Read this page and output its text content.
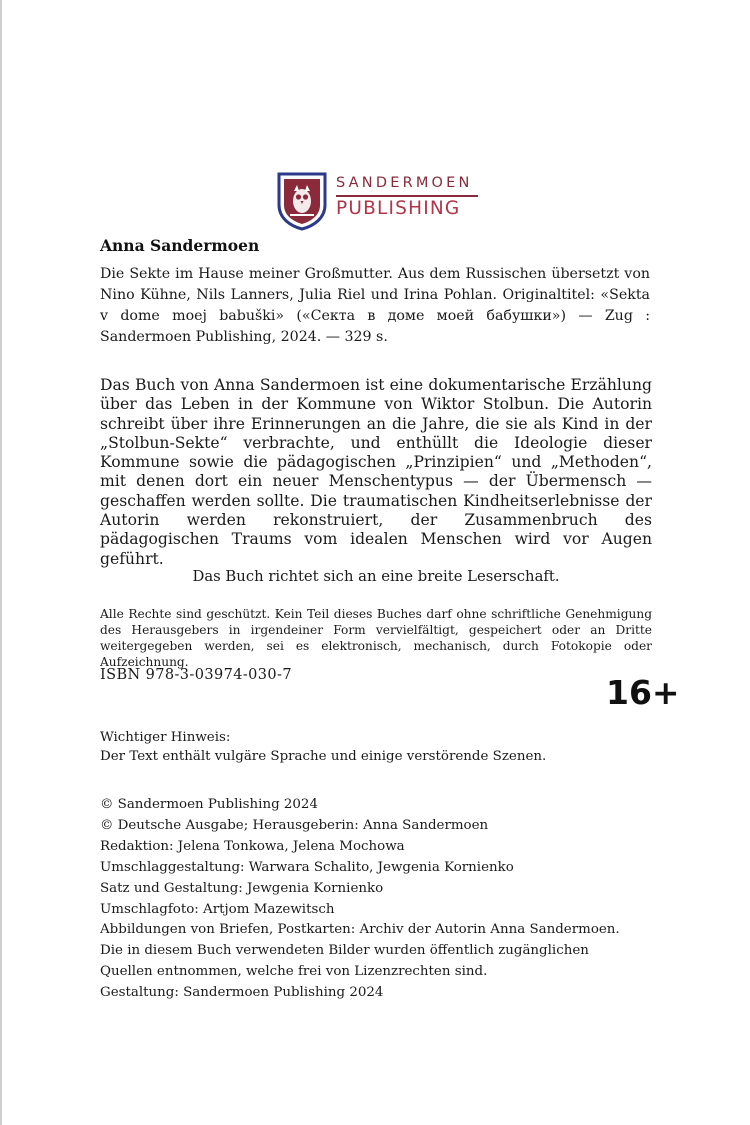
SANDERMOEN
PUBLISHING
Anna Sandermoen
Die Sekte im Hause meiner Großmutter. Aus dem Russischen übersetzt von Nino Kühne, Nils Lanners, Julia Riel und Irina Pohlan. Originaltitel: «Sekta v dome moej babuški» («Секта в доме моей бабушки») — Zug : Sandermoen Publishing, 2024. — 329 s.
Das Buch von Anna Sandermoen ist eine dokumentarische Erzählung über das Leben in der Kommune von Wiktor Stolbun. Die Autorin schreibt über ihre Erinnerungen an die Jahre, die sie als Kind in der „Stolbun-Sekte“ verbrachte, und enthüllt die Ideologie dieser Kommune sowie die pädagogischen „Prinzipien“ und „Methoden“, mit denen dort ein neuer Menschentypus — der Übermensch — geschaffen werden sollte. Die traumatischen Kindheitserlebnisse der Autorin werden rekonstruiert, der Zusammenbruch des pädagogischen Traums vom idealen Menschen wird vor Augen geführt.
Das Buch richtet sich an eine breite Leserschaft.
Alle Rechte sind geschützt. Kein Teil dieses Buches darf ohne schriftliche Genehmigung des Herausgebers in irgendeiner Form vervielfältigt, gespeichert oder an Dritte weitergegeben werden, sei es elektronisch, mechanisch, durch Fotokopie oder Aufzeichnung.
ISBN 978-3-03974-030-7	16+
Wichtiger Hinweis:
Der Text enthält vulgäre Sprache und einige verstörende Szenen.
© Sandermoen Publishing 2024
© Deutsche Ausgabe; Herausgeberin: Anna Sandermoen
Redaktion: Jelena Tonkowa, Jelena Mochowa
Umschlaggestaltung: Warwara Schalito, Jewgenia Kornienko
Satz und Gestaltung: Jewgenia Kornienko
Umschlagfoto: Artjom Mazewitsch
Abbildungen von Briefen, Postkarten: Archiv der Autorin Anna Sandermoen.
Die in diesem Buch verwendeten Bilder wurden öffentlich zugänglichen
Quellen entnommen, welche frei von Lizenzrechten sind.
Gestaltung: Sandermoen Publishing 2024
